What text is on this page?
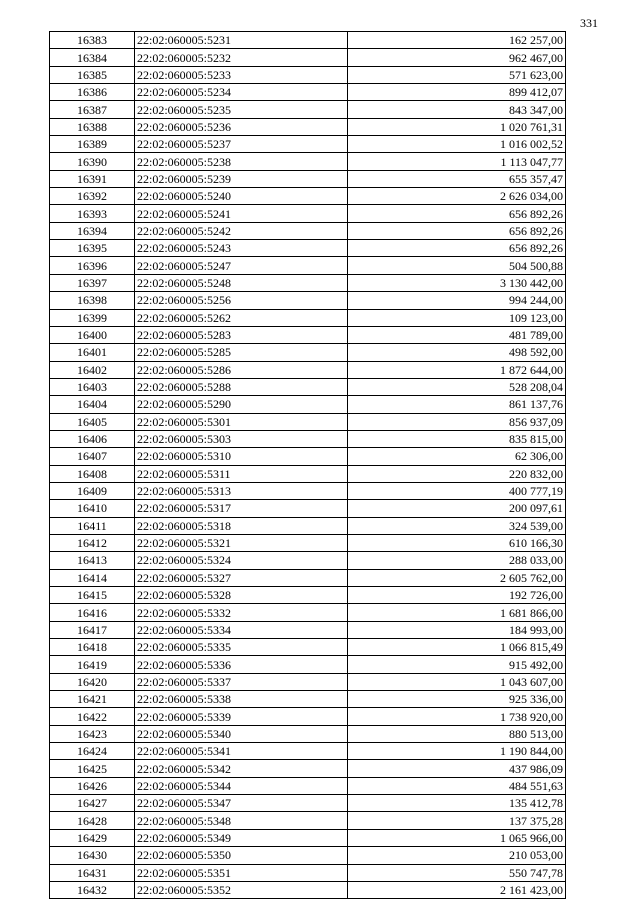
331
16383	22:02:060005:5231	162 257,00
16384	22:02:060005:5232	962 467,00
16385	22:02:060005:5233	571 623,00
16386	22:02:060005:5234	899 412,07
16387	22:02:060005:5235	843 347,00
16388	22:02:060005:5236	1 020 761,31
16389	22:02:060005:5237	1 016 002,52
16390	22:02:060005:5238	1 113 047,77
16391	22:02:060005:5239	655 357,47
16392	22:02:060005:5240	2 626 034,00
16393	22:02:060005:5241	656 892,26
16394	22:02:060005:5242	656 892,26
16395	22:02:060005:5243	656 892,26
16396	22:02:060005:5247	504 500,88
16397	22:02:060005:5248	3 130 442,00
16398	22:02:060005:5256	994 244,00
16399	22:02:060005:5262	109 123,00
16400	22:02:060005:5283	481 789,00
16401	22:02:060005:5285	498 592,00
16402	22:02:060005:5286	1 872 644,00
16403	22:02:060005:5288	528 208,04
16404	22:02:060005:5290	861 137,76
16405	22:02:060005:5301	856 937,09
16406	22:02:060005:5303	835 815,00
16407	22:02:060005:5310	62 306,00
16408	22:02:060005:5311	220 832,00
16409	22:02:060005:5313	400 777,19
16410	22:02:060005:5317	200 097,61
16411	22:02:060005:5318	324 539,00
16412	22:02:060005:5321	610 166,30
16413	22:02:060005:5324	288 033,00
16414	22:02:060005:5327	2 605 762,00
16415	22:02:060005:5328	192 726,00
16416	22:02:060005:5332	1 681 866,00
16417	22:02:060005:5334	184 993,00
16418	22:02:060005:5335	1 066 815,49
16419	22:02:060005:5336	915 492,00
16420	22:02:060005:5337	1 043 607,00
16421	22:02:060005:5338	925 336,00
16422	22:02:060005:5339	1 738 920,00
16423	22:02:060005:5340	880 513,00
16424	22:02:060005:5341	1 190 844,00
16425	22:02:060005:5342	437 986,09
16426	22:02:060005:5344	484 551,63
16427	22:02:060005:5347	135 412,78
16428	22:02:060005:5348	137 375,28
16429	22:02:060005:5349	1 065 966,00
16430	22:02:060005:5350	210 053,00
16431	22:02:060005:5351	550 747,78
16432	22:02:060005:5352	2 161 423,00
